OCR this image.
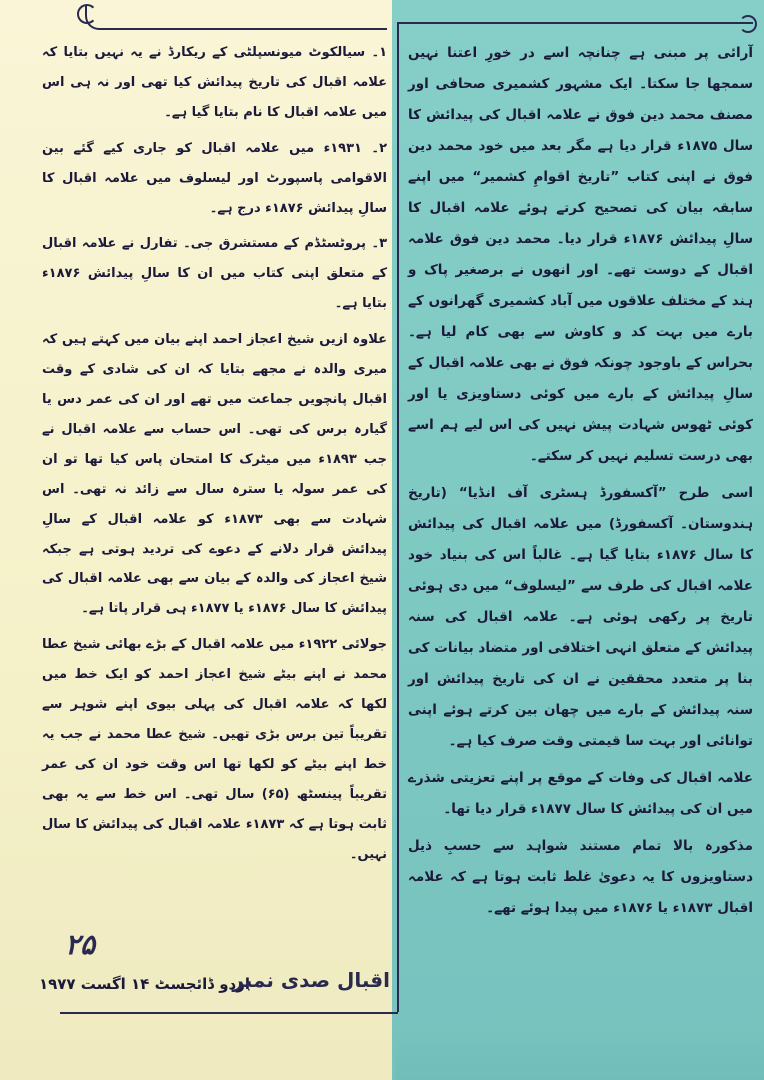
آرائی پر مبنی ہے چنانچہ اسے در خورِ اعتنا نہیں سمجھا جا سکتا۔ ایک مشہور کشمیری صحافی اور مصنف محمد دین فوق نے علامہ اقبال کی پیدائش کا سال ۱۸۷۵ء قرار دیا ہے مگر بعد میں خود محمد دین فوق نے اپنی کتاب ”تاریخ اقوامِ کشمیر“ میں اپنے سابقہ بیان کی تصحیح کرتے ہوئے علامہ اقبال کا سالِ پیدائش ۱۸۷۶ء قرار دیا۔ محمد دین فوق علامہ اقبال کے دوست تھے۔ اور انھوں نے برصغیر پاک و ہند کے مختلف علاقوں میں آباد کشمیری گھرانوں کے بارے میں بہت کد و کاوش سے بھی کام لیا ہے۔ بحراس کے باوجود چونکہ فوق نے بھی علامہ اقبال کے سالِ پیدائش کے بارے میں کوئی دستاویزی یا اور کوئی ٹھوس شہادت پیش نہیں کی اس لیے ہم اسے بھی درست تسلیم نہیں کر سکتے۔

اسی طرح ”آکسفورڈ ہسٹری آف انڈیا“ (تاریخ ہندوستان۔ آکسفورڈ) میں علامہ اقبال کی پیدائش کا سال ۱۸۷۶ء بتایا گیا ہے۔ غالباً اس کی بنیاد خود علامہ اقبال کی طرف سے ”لیسلوف“ میں دی ہوئی تاریخ پر رکھی ہوئی ہے۔ علامہ اقبال کی سنہ پیدائش کے متعلق انہی اختلافی اور متضاد بیانات کی بنا پر متعدد محققین نے ان کی تاریخ پیدائش اور سنہ پیدائش کے بارے میں چھان بین کرتے ہوئے اپنی توانائی اور بہت سا قیمتی وقت صرف کیا ہے۔

علامہ اقبال کی وفات کے موقع پر اپنے تعزیتی شذرے میں ان کی پیدائش کا سال ۱۸۷۷ء قرار دیا تھا۔

مذکورہ بالا تمام مستند شواہد سے حسبِ ذیل دستاویزوں کا یہ دعویٰ غلط ثابت ہوتا ہے کہ علامہ اقبال ۱۸۷۳ء یا ۱۸۷۶ء میں پیدا ہوئے تھے۔

۱۔ سیالکوٹ میونسپلٹی کے ریکارڈ نے یہ نہیں بتایا کہ علامہ اقبال کی تاریخ پیدائش کیا تھی اور نہ ہی اس میں علامہ اقبال کا نام بتایا گیا ہے۔

۲۔ ۱۹۳۱ء میں علامہ اقبال کو جاری کیے گئے بین الاقوامی پاسپورٹ اور لیسلوف میں علامہ اقبال کا سالِ پیدائش ۱۸۷۶ء درج ہے۔

۳۔ پروٹسٹڈم کے مستشرق جی۔ تفارل نے علامہ اقبال کے متعلق اپنی کتاب میں ان کا سالِ پیدائش ۱۸۷۶ء بتایا ہے۔

علاوہ ازیں شیخ اعجاز احمد اپنے بیان میں کہتے ہیں کہ میری والدہ نے مجھے بتایا کہ ان کی شادی کے وقت اقبال پانچویں جماعت میں تھے اور ان کی عمر دس یا گیارہ برس کی تھی۔ اس حساب سے علامہ اقبال نے جب ۱۸۹۳ء میں میٹرک کا امتحان پاس کیا تھا تو ان کی عمر سولہ یا سترہ سال سے زائد نہ تھی۔ اس شہادت سے بھی ۱۸۷۳ء کو علامہ اقبال کے سالِ پیدائش قرار دلانے کے دعوے کی تردید ہوتی ہے جبکہ شیخ اعجاز کی والدہ کے بیان سے بھی علامہ اقبال کی پیدائش کا سال ۱۸۷۶ء یا ۱۸۷۷ء ہی قرار پاتا ہے۔

جولائی ۱۹۲۲ء میں علامہ اقبال کے بڑے بھائی شیخ عطا محمد نے اپنے بیٹے شیخ اعجاز احمد کو ایک خط میں لکھا کہ علامہ اقبال کی پہلی بیوی اپنے شوہر سے تقریباً تین برس بڑی تھیں۔ شیخ عطا محمد نے جب یہ خط اپنے بیٹے کو لکھا تھا اس وقت خود ان کی عمر تقریباً پینسٹھ (۶۵) سال تھی۔ اس خط سے یہ بھی ثابت ہوتا ہے کہ ۱۸۷۳ء علامہ اقبال کی پیدائش کا سال نہیں۔

۲۵
اردو ڈائجسٹ ۱۴ اگست ۱۹۷۷
اقبال صدی نمبر
